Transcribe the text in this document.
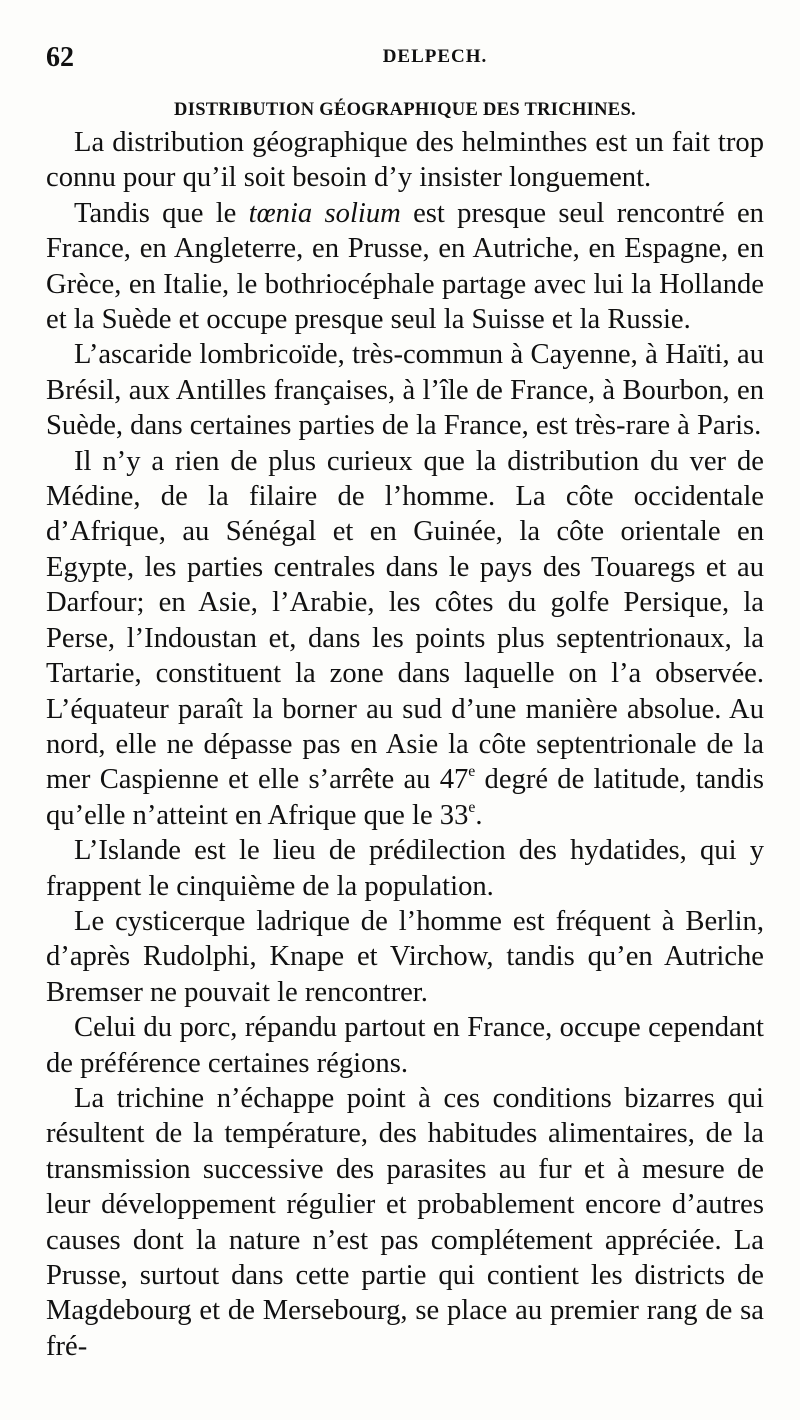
62	DELPECH.
DISTRIBUTION GÉOGRAPHIQUE DES TRICHINES.

La distribution géographique des helminthes est un fait trop connu pour qu’il soit besoin d’y insister longuement.

Tandis que le tœnia solium est presque seul rencontré en France, en Angleterre, en Prusse, en Autriche, en Espagne, en Grèce, en Italie, le bothriocéphale partage avec lui la Hollande et la Suède et occupe presque seul la Suisse et la Russie.

L’ascaride lombricoïde, très-commun à Cayenne, à Haïti, au Brésil, aux Antilles françaises, à l’île de France, à Bourbon, en Suède, dans certaines parties de la France, est très-rare à Paris.

Il n’y a rien de plus curieux que la distribution du ver de Médine, de la filaire de l’homme. La côte occidentale d’Afrique, au Sénégal et en Guinée, la côte orientale en Egypte, les parties centrales dans le pays des Touaregs et au Darfour; en Asie, l’Arabie, les côtes du golfe Persique, la Perse, l’Indoustan et, dans les points plus septentrionaux, la Tartarie, constituent la zone dans laquelle on l’a observée. L’équateur paraît la borner au sud d’une manière absolue. Au nord, elle ne dépasse pas en Asie la côte septentrionale de la mer Caspienne et elle s’arrête au 47e degré de latitude, tandis qu’elle n’atteint en Afrique que le 33e.

L’Islande est le lieu de prédilection des hydatides, qui y frappent le cinquième de la population.

Le cysticerque ladrique de l’homme est fréquent à Berlin, d’après Rudolphi, Knape et Virchow, tandis qu’en Autriche Bremser ne pouvait le rencontrer.

Celui du porc, répandu partout en France, occupe cependant de préférence certaines régions.

La trichine n’échappe point à ces conditions bizarres qui résultent de la température, des habitudes alimentaires, de la transmission successive des parasites au fur et à mesure de leur développement régulier et probablement encore d’autres causes dont la nature n’est pas complétement appréciée. La Prusse, surtout dans cette partie qui contient les districts de Magdebourg et de Mersebourg, se place au premier rang de sa fré-
